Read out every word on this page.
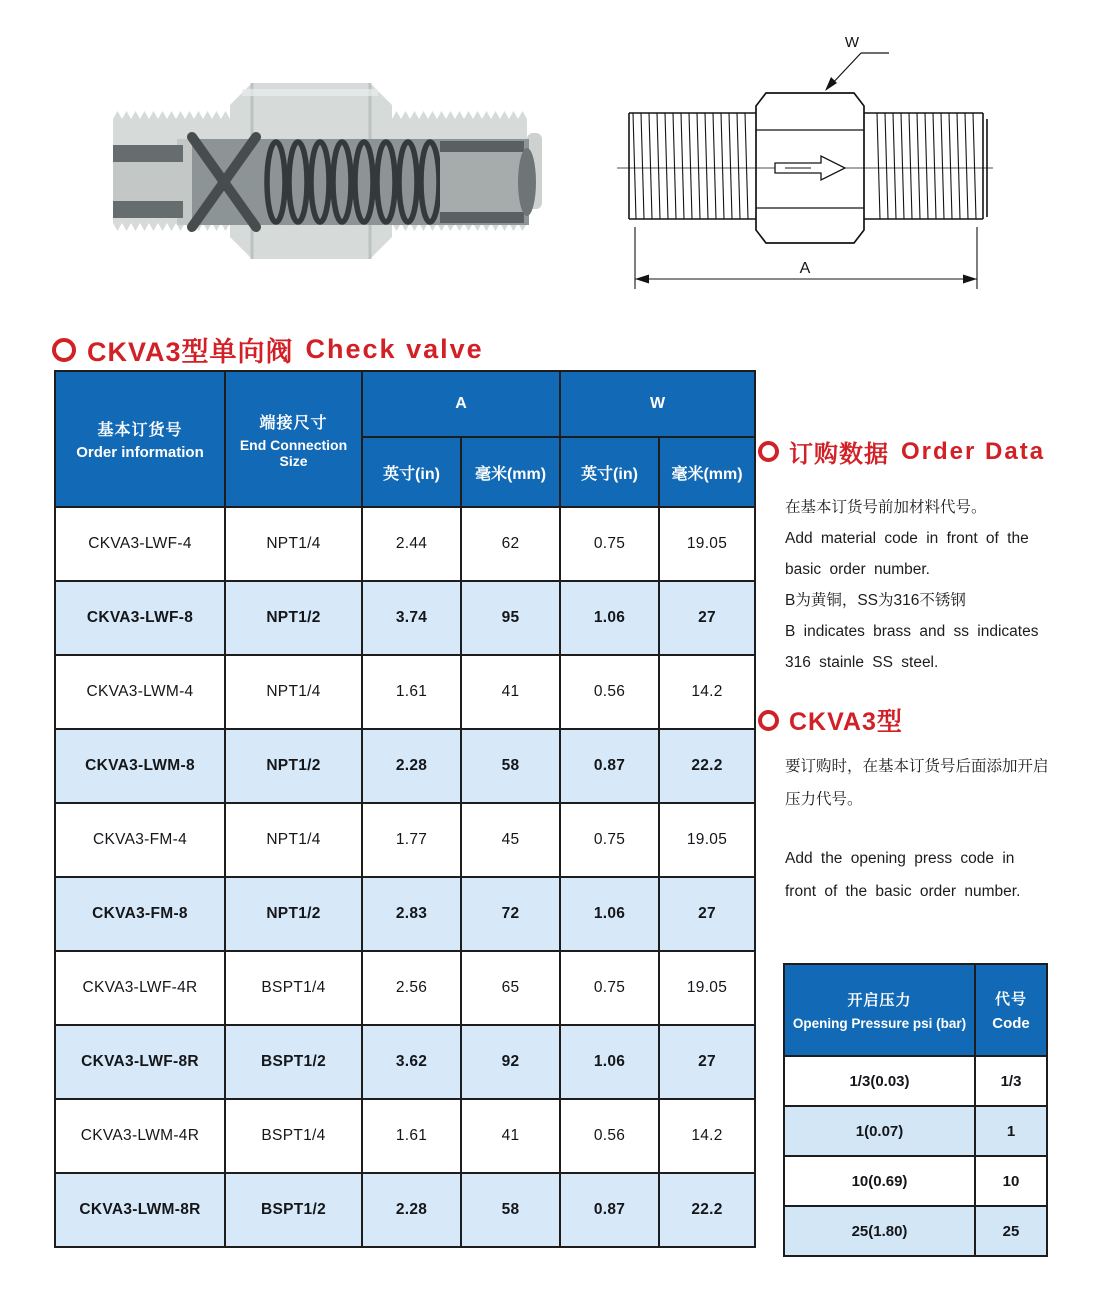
W
A
CKVA3型单向阀 Check valve
基本订货号
Order information	端接尺寸
End Connection Size	A		W	
		英寸(in)	毫米(mm)	英寸(in)	毫米(mm)
CKVA3-LWF-4	NPT1/4	2.44	62	0.75	19.05
CKVA3-LWF-8	NPT1/2	3.74	95	1.06	27
CKVA3-LWM-4	NPT1/4	1.61	41	0.56	14.2
CKVA3-LWM-8	NPT1/2	2.28	58	0.87	22.2
CKVA3-FM-4	NPT1/4	1.77	45	0.75	19.05
CKVA3-FM-8	NPT1/2	2.83	72	1.06	27
CKVA3-LWF-4R	BSPT1/4	2.56	65	0.75	19.05
CKVA3-LWF-8R	BSPT1/2	3.62	92	1.06	27
CKVA3-LWM-4R	BSPT1/4	1.61	41	0.56	14.2
CKVA3-LWM-8R	BSPT1/2	2.28	58	0.87	22.2
订购数据 Order Data
在基本订货号前加材料代号。
Add material code in front of the
basic order number.
B为黄铜，SS为316不锈钢
B indicates brass and ss indicates
316 stainle SS steel.
CKVA3型
要订购时，在基本订货号后面添加开启
压力代号。
Add the opening press code in
front of the basic order number.
开启压力
Opening Pressure psi (bar)	代号
Code

1/3(0.03)	1/3
1(0.07)	1
10(0.69)	10
25(1.80)	25
